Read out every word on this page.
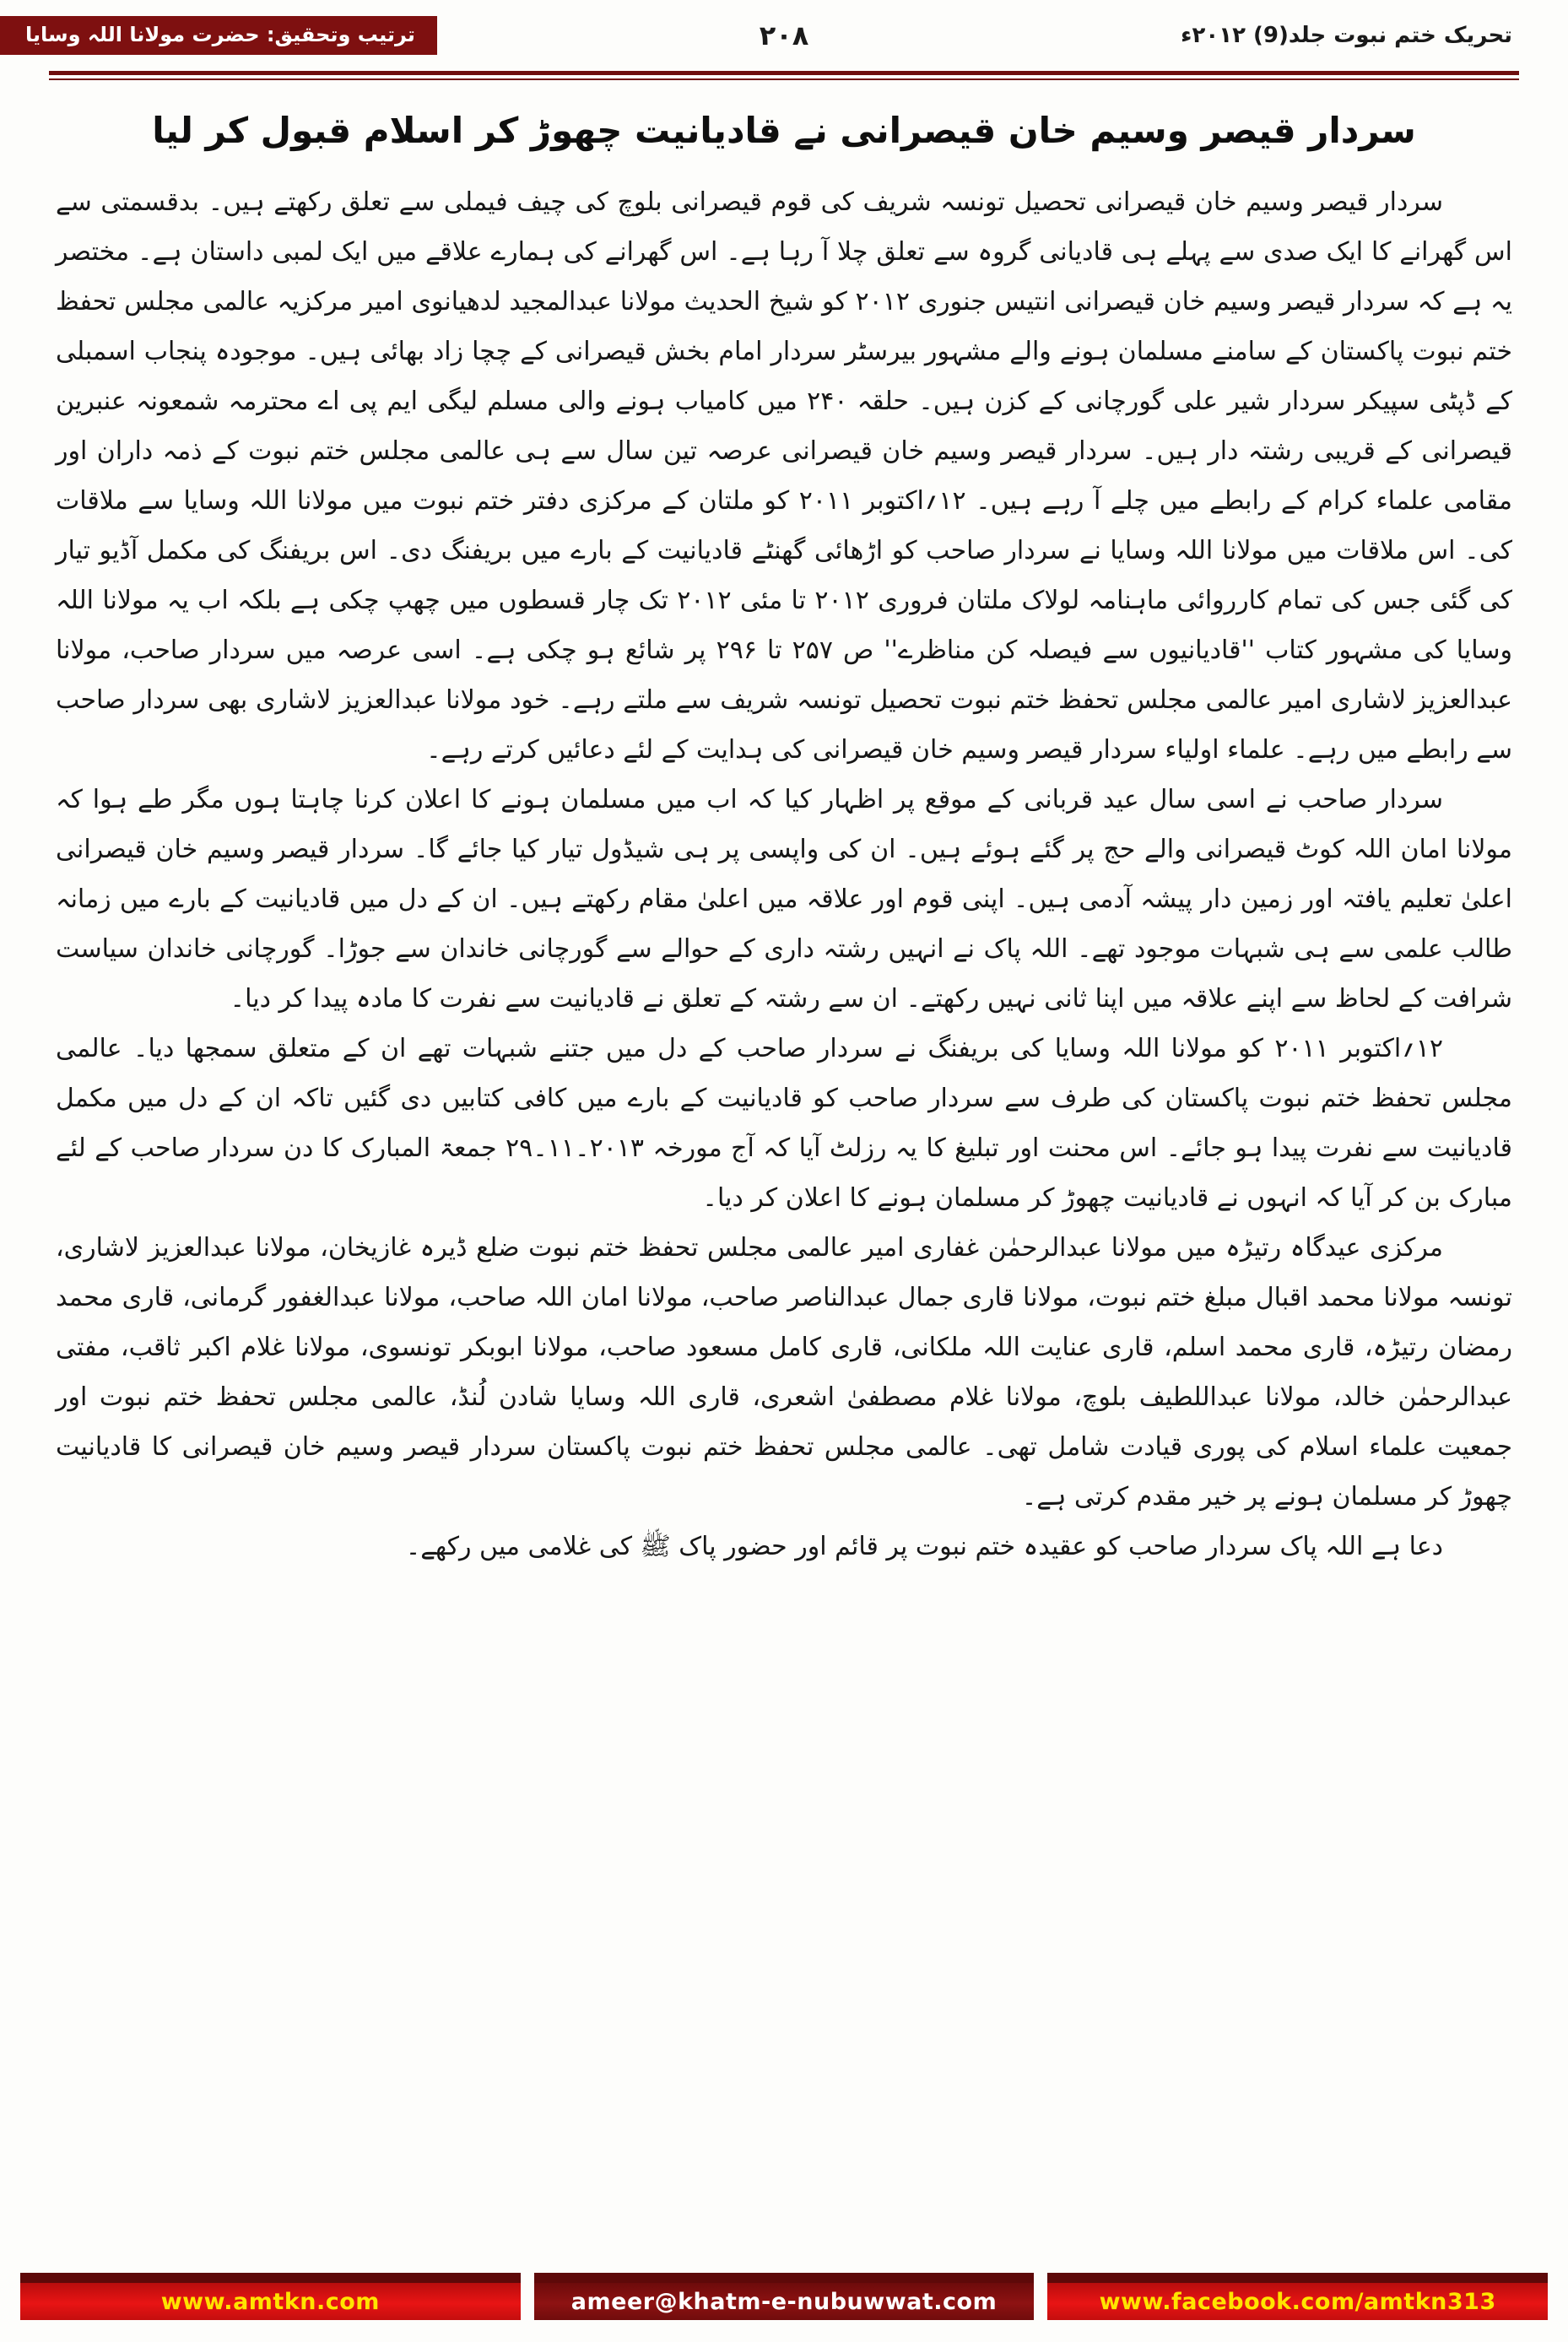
تحریک ختم نبوت جلد(9) ۲۰۱۲ء
۲۰۸
ترتیب وتحقیق: حضرت مولانا اللہ وسایا
سردار قیصر وسیم خان قیصرانی نے قادیانیت چھوڑ کر اسلام قبول کر لیا

سردار قیصر وسیم خان قیصرانی تحصیل تونسہ شریف کی قوم قیصرانی بلوچ کی چیف فیملی سے تعلق رکھتے ہیں۔ بدقسمتی سے اس گھرانے کا ایک صدی سے پہلے ہی قادیانی گروہ سے تعلق چلا آ رہا ہے۔ اس گھرانے کی ہمارے علاقے میں ایک لمبی داستان ہے۔ مختصر یہ ہے کہ سردار قیصر وسیم خان قیصرانی انتیس جنوری ۲۰۱۲ کو شیخ الحدیث مولانا عبدالمجید لدھیانوی امیر مرکزیہ عالمی مجلس تحفظ ختم نبوت پاکستان کے سامنے مسلمان ہونے والے مشہور بیرسٹر سردار امام بخش قیصرانی کے چچا زاد بھائی ہیں۔ موجودہ پنجاب اسمبلی کے ڈپٹی سپیکر سردار شیر علی گورچانی کے کزن ہیں۔ حلقہ ۲۴۰ میں کامیاب ہونے والی مسلم لیگی ایم پی اے محترمہ شمعونہ عنبرین قیصرانی کے قریبی رشتہ دار ہیں۔ سردار قیصر وسیم خان قیصرانی عرصہ تین سال سے ہی عالمی مجلس ختم نبوت کے ذمہ داران اور مقامی علماء کرام کے رابطے میں چلے آ رہے ہیں۔ ۱۲؍اکتوبر ۲۰۱۱ کو ملتان کے مرکزی دفتر ختم نبوت میں مولانا اللہ وسایا سے ملاقات کی۔ اس ملاقات میں مولانا اللہ وسایا نے سردار صاحب کو اڑھائی گھنٹے قادیانیت کے بارے میں بریفنگ دی۔ اس بریفنگ کی مکمل آڈیو تیار کی گئی جس کی تمام کارروائی ماہنامہ لولاک ملتان فروری ۲۰۱۲ تا مئی ۲۰۱۲ تک چار قسطوں میں چھپ چکی ہے بلکہ اب یہ مولانا اللہ وسایا کی مشہور کتاب ''قادیانیوں سے فیصلہ کن مناظرے'' ص ۲۵۷ تا ۲۹۶ پر شائع ہو چکی ہے۔ اسی عرصہ میں سردار صاحب، مولانا عبدالعزیز لاشاری امیر عالمی مجلس تحفظ ختم نبوت تحصیل تونسہ شریف سے ملتے رہے۔ خود مولانا عبدالعزیز لاشاری بھی سردار صاحب سے رابطے میں رہے۔ علماء اولیاء سردار قیصر وسیم خان قیصرانی کی ہدایت کے لئے دعائیں کرتے رہے۔

سردار صاحب نے اسی سال عید قربانی کے موقع پر اظہار کیا کہ اب میں مسلمان ہونے کا اعلان کرنا چاہتا ہوں مگر طے ہوا کہ مولانا امان اللہ کوٹ قیصرانی والے حج پر گئے ہوئے ہیں۔ ان کی واپسی پر ہی شیڈول تیار کیا جائے گا۔ سردار قیصر وسیم خان قیصرانی اعلیٰ تعلیم یافتہ اور زمین دار پیشہ آدمی ہیں۔ اپنی قوم اور علاقہ میں اعلیٰ مقام رکھتے ہیں۔ ان کے دل میں قادیانیت کے بارے میں زمانہ طالب علمی سے ہی شبہات موجود تھے۔ اللہ پاک نے انہیں رشتہ داری کے حوالے سے گورچانی خاندان سے جوڑا۔ گورچانی خاندان سیاست شرافت کے لحاظ سے اپنے علاقہ میں اپنا ثانی نہیں رکھتے۔ ان سے رشتہ کے تعلق نے قادیانیت سے نفرت کا مادہ پیدا کر دیا۔

۱۲؍اکتوبر ۲۰۱۱ کو مولانا اللہ وسایا کی بریفنگ نے سردار صاحب کے دل میں جتنے شبہات تھے ان کے متعلق سمجھا دیا۔ عالمی مجلس تحفظ ختم نبوت پاکستان کی طرف سے سردار صاحب کو قادیانیت کے بارے میں کافی کتابیں دی گئیں تاکہ ان کے دل میں مکمل قادیانیت سے نفرت پیدا ہو جائے۔ اس محنت اور تبلیغ کا یہ رزلٹ آیا کہ آج مورخہ ۲۰۱۳۔۱۱۔۲۹ جمعۃ المبارک کا دن سردار صاحب کے لئے مبارک بن کر آیا کہ انہوں نے قادیانیت چھوڑ کر مسلمان ہونے کا اعلان کر دیا۔

مرکزی عیدگاہ رتیڑہ میں مولانا عبدالرحمٰن غفاری امیر عالمی مجلس تحفظ ختم نبوت ضلع ڈیرہ غازیخان، مولانا عبدالعزیز لاشاری، تونسہ مولانا محمد اقبال مبلغ ختم نبوت، مولانا قاری جمال عبدالناصر صاحب، مولانا امان اللہ صاحب، مولانا عبدالغفور گرمانی، قاری محمد رمضان رتیڑہ، قاری محمد اسلم، قاری عنایت اللہ ملکانی، قاری کامل مسعود صاحب، مولانا ابوبکر تونسوی، مولانا غلام اکبر ثاقب، مفتی عبدالرحمٰن خالد، مولانا عبداللطیف بلوچ، مولانا غلام مصطفیٰ اشعری، قاری اللہ وسایا شادن لُنڈ، عالمی مجلس تحفظ ختم نبوت اور جمعیت علماء اسلام کی پوری قیادت شامل تھی۔ عالمی مجلس تحفظ ختم نبوت پاکستان سردار قیصر وسیم خان قیصرانی کا قادیانیت چھوڑ کر مسلمان ہونے پر خیر مقدم کرتی ہے۔

دعا ہے اللہ پاک سردار صاحب کو عقیدہ ختم نبوت پر قائم اور حضور پاک ﷺ کی غلامی میں رکھے۔

www.amtkn.com	ameer@khatm-e-nubuwwat.com	www.facebook.com/amtkn313
